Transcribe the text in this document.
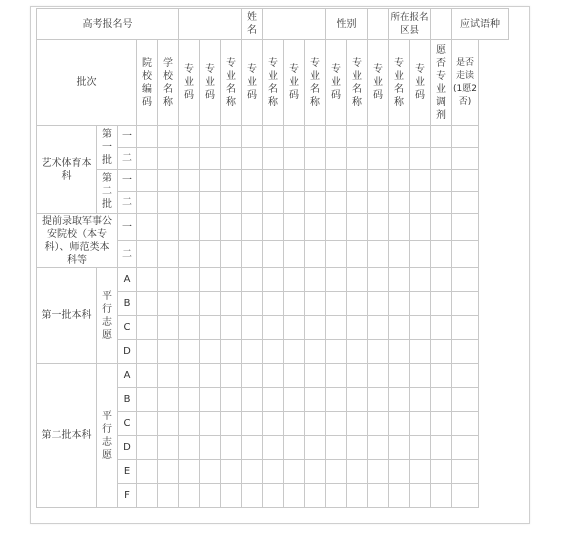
高考报名号								姓名				性别			所在报名区县			应试语种
批次			院校编码	学校名称	专业码	专业码	专业名称	专业码	专业名称	专业码	专业名称	专业码	专业名称	专业码	专业名称	专业码	愿否专业调剂	是否走读(1愿2否)
艺术体育本科	第一批	一																
		二																
	第二批	一																
		二																
提前录取军事公安院校（本专科）、师范类本科等		一																
		二																
第一批本科	平行志愿	A																
		B																
		C																
		D																
第二批本科	平行志愿	A																
		B																
		C																
		D																
		E																
		F																
